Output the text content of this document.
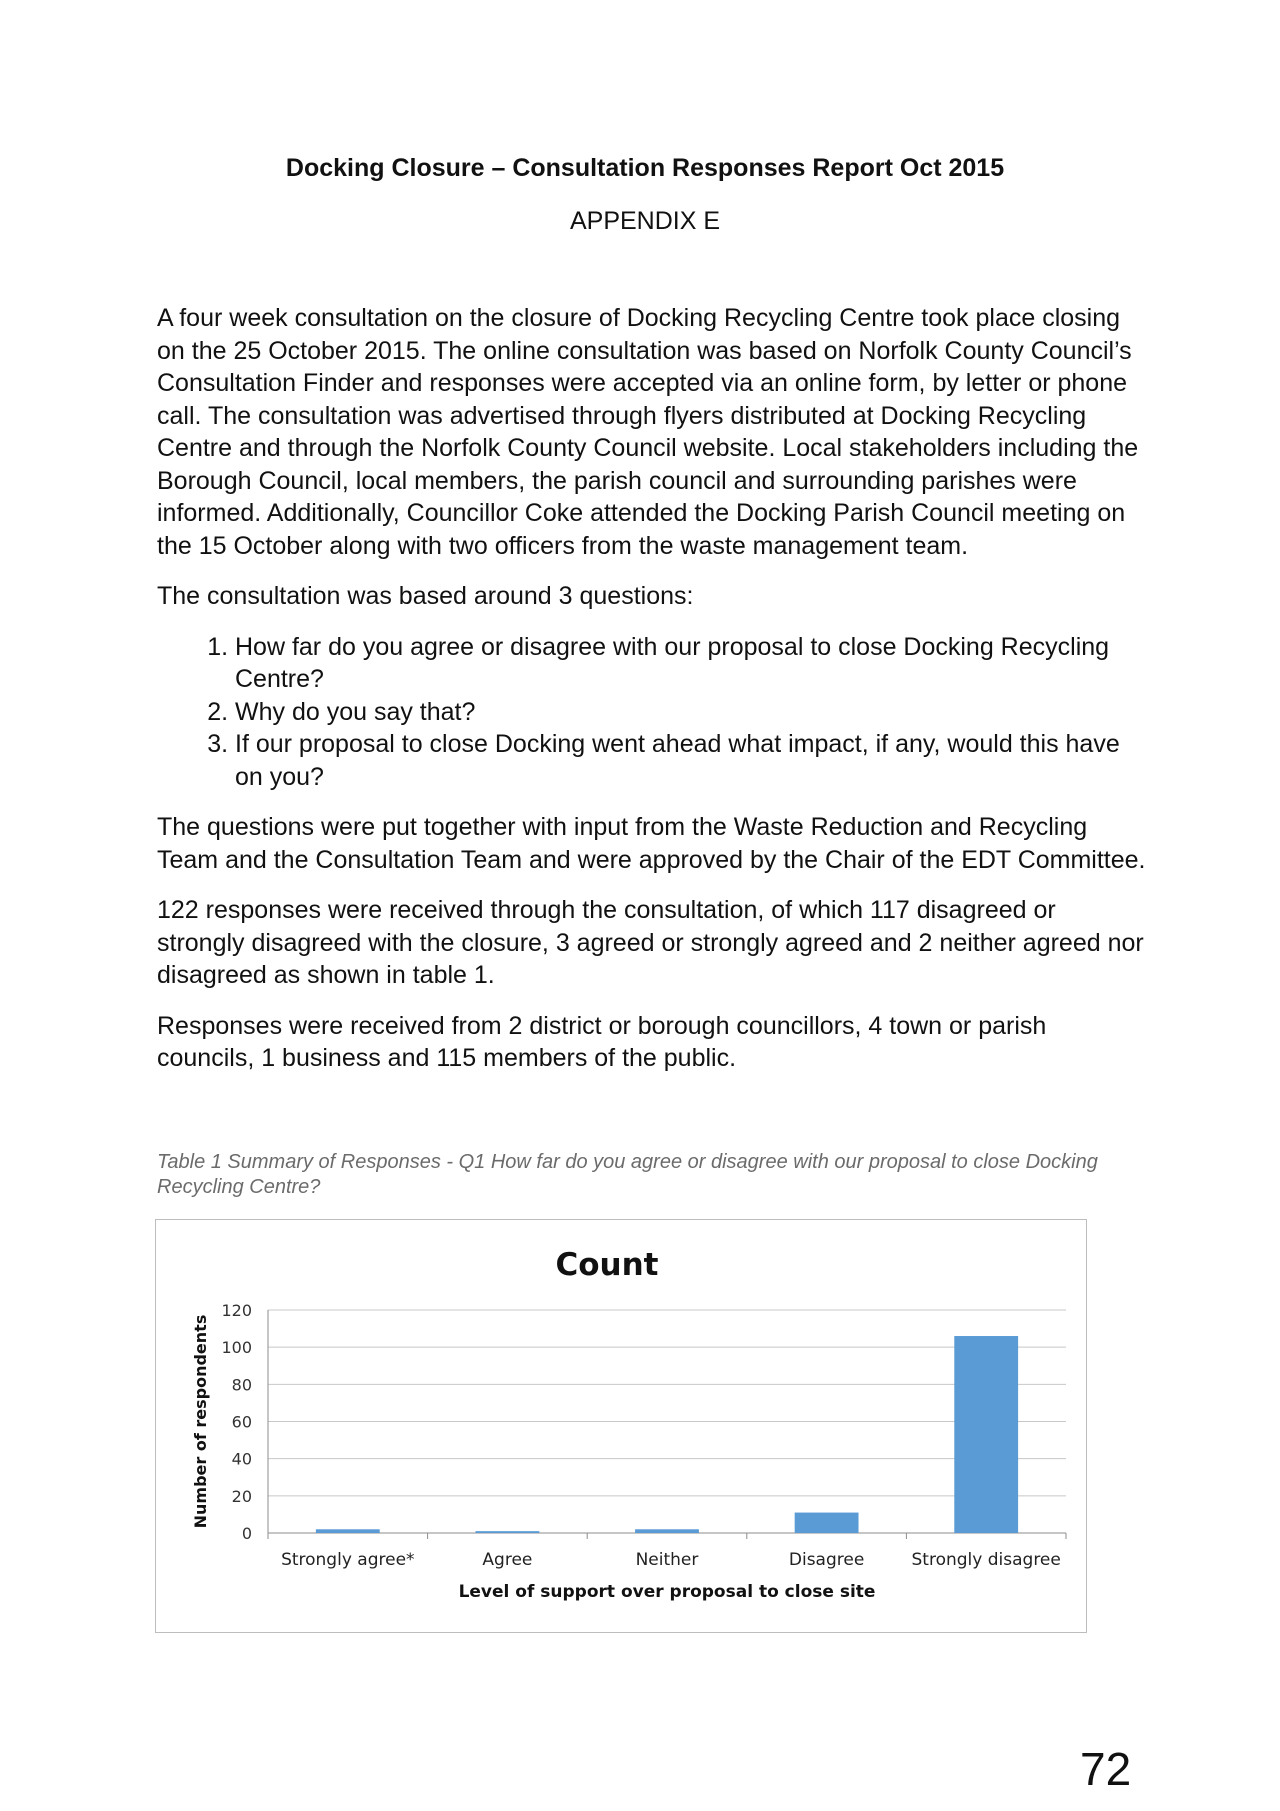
Docking Closure – Consultation Responses Report Oct 2015
APPENDIX E

A four week consultation on the closure of Docking Recycling Centre took place closing on the 25 October 2015. The online consultation was based on Norfolk County Council’s Consultation Finder and responses were accepted via an online form, by letter or phone call. The consultation was advertised through flyers distributed at Docking Recycling Centre and through the Norfolk County Council website. Local stakeholders including the Borough Council, local members, the parish council and surrounding parishes were informed. Additionally, Councillor Coke attended the Docking Parish Council meeting on the 15 October along with two officers from the waste management team.

The consultation was based around 3 questions:

1. How far do you agree or disagree with our proposal to close Docking Recycling Centre?
2. Why do you say that?
3. If our proposal to close Docking went ahead what impact, if any, would this have on you?

The questions were put together with input from the Waste Reduction and Recycling Team and the Consultation Team and were approved by the Chair of the EDT Committee.

122 responses were received through the consultation, of which 117 disagreed or strongly disagreed with the closure, 3 agreed or strongly agreed and 2 neither agreed nor disagreed as shown in table 1.

Responses were received from 2 district or borough councillors, 4 town or parish councils, 1 business and 115 members of the public.

Table 1 Summary of Responses - Q1 How far do you agree or disagree with our proposal to close Docking Recycling Centre?
Count
0
20
40
60
80
100
120
Strongly agree*	Agree	Neither	Disagree	Strongly disagree
Level of support over proposal to close site
Number of respondents
72
